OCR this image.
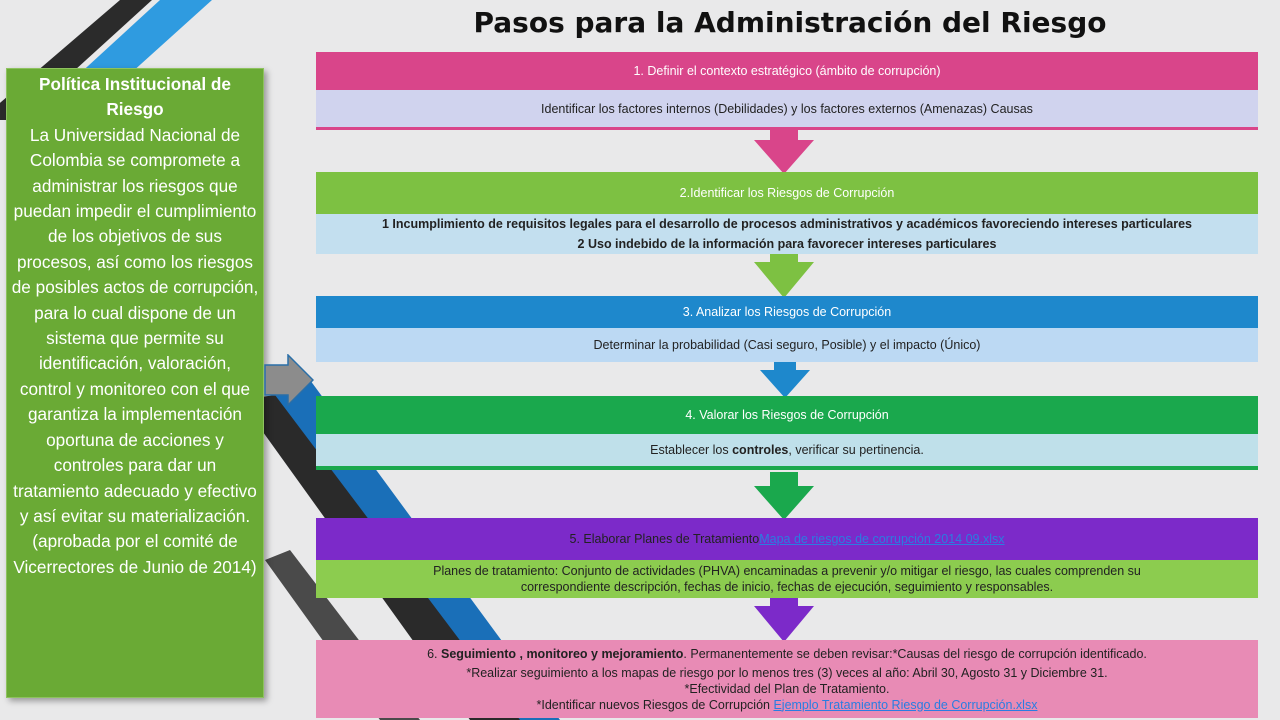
Pasos para la Administración del Riesgo
Política Institucional de Riesgo
La Universidad Nacional de Colombia se compromete a administrar los riesgos que puedan impedir el cumplimiento de los objetivos de sus procesos, así como los riesgos de posibles actos de corrupción, para lo cual dispone de un sistema que permite su identificación, valoración, control y monitoreo con el que garantiza la implementación oportuna de acciones y controles para dar un tratamiento adecuado y efectivo y así evitar su materialización. (aprobada por el comité de Vicerrectores de Junio de 2014)
1. Definir el contexto estratégico (ámbito de corrupción)
Identificar los factores internos (Debilidades) y los factores externos (Amenazas) Causas
2.Identificar los Riesgos de Corrupción
1 Incumplimiento de requisitos legales para el desarrollo de procesos administrativos y académicos favoreciendo intereses particulares
2 Uso indebido de la información para favorecer intereses particulares
3. Analizar los Riesgos de Corrupción
Determinar la probabilidad (Casi seguro, Posible) y el impacto (Único)
4. Valorar los Riesgos de Corrupción
Establecer los controles, verificar su pertinencia.
5. Elaborar Planes de Tratamiento Mapa de riesgos de corrupción 2014 09.xlsx
Planes de tratamiento: Conjunto de actividades (PHVA) encaminadas a prevenir y/o mitigar el riesgo, las cuales comprenden su
correspondiente descripción, fechas de inicio, fechas de ejecución, seguimiento y responsables.
6. Seguimiento , monitoreo y mejoramiento. Permanentemente se deben revisar:*Causas del riesgo de corrupción identificado.
*Realizar seguimiento a los mapas de riesgo por lo menos tres (3) veces al año: Abril 30, Agosto 31 y Diciembre 31.
*Efectividad del Plan de Tratamiento.
*Identificar nuevos Riesgos de Corrupción Ejemplo Tratamiento Riesgo de Corrupción.xlsx
